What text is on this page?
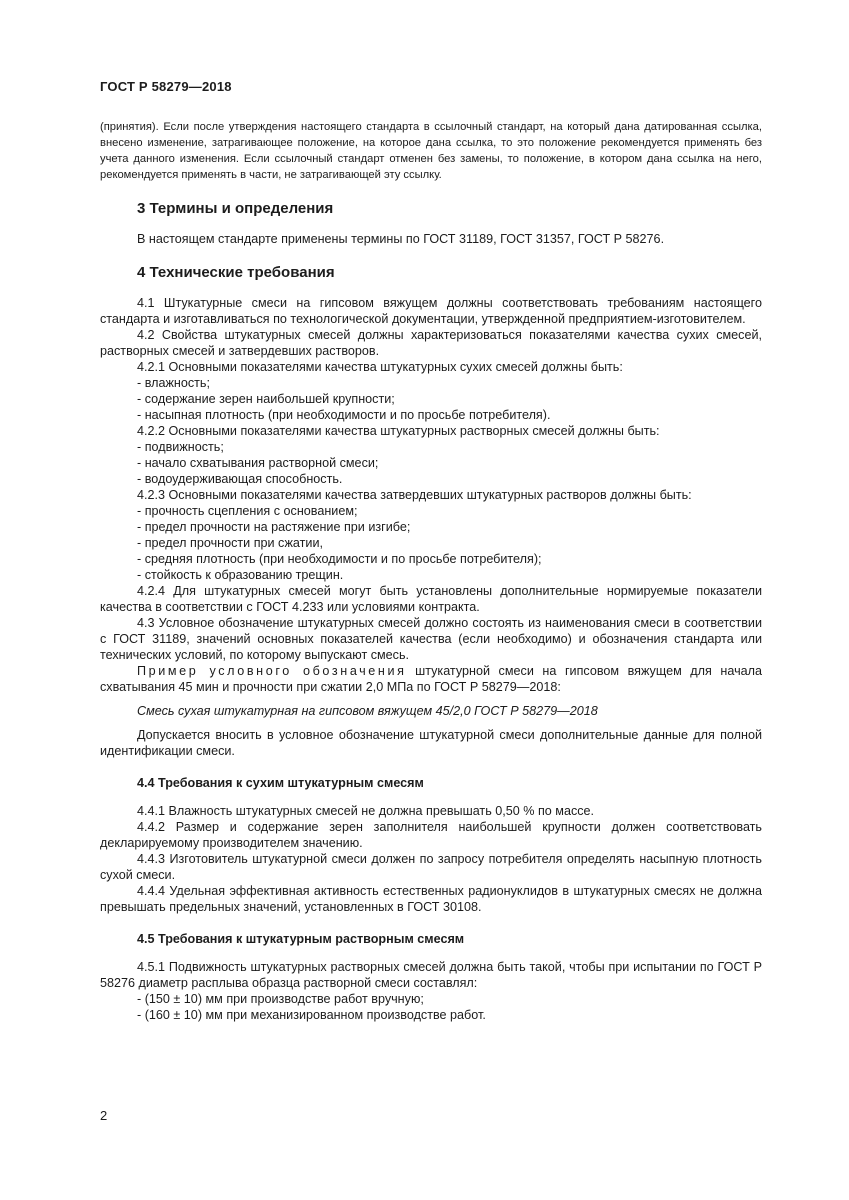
ГОСТ Р 58279—2018

(принятия). Если после утверждения настоящего стандарта в ссылочный стандарт, на который дана датированная ссылка, внесено изменение, затрагивающее положение, на которое дана ссылка, то это положение рекомендуется применять без учета данного изменения. Если ссылочный стандарт отменен без замены, то положение, в котором дана ссылка на него, рекомендуется применять в части, не затрагивающей эту ссылку.

3 Термины и определения

В настоящем стандарте применены термины по ГОСТ 31189, ГОСТ 31357, ГОСТ Р 58276.

4 Технические требования

4.1 Штукатурные смеси на гипсовом вяжущем должны соответствовать требованиям настоящего стандарта и изготавливаться по технологической документации, утвержденной предприятием-изготовителем.

4.2 Свойства штукатурных смесей должны характеризоваться показателями качества сухих смесей, растворных смесей и затвердевших растворов.

4.2.1 Основными показателями качества штукатурных сухих смесей должны быть:

- влажность;

- содержание зерен наибольшей крупности;

- насыпная плотность (при необходимости и по просьбе потребителя).

4.2.2 Основными показателями качества штукатурных растворных смесей должны быть:

- подвижность;

- начало схватывания растворной смеси;

- водоудерживающая способность.

4.2.3 Основными показателями качества затвердевших штукатурных растворов должны быть:

- прочность сцепления с основанием;

- предел прочности на растяжение при изгибе;

- предел прочности при сжатии,

- средняя плотность (при необходимости и по просьбе потребителя);

- стойкость к образованию трещин.

4.2.4 Для штукатурных смесей могут быть установлены дополнительные нормируемые показатели качества в соответствии с ГОСТ 4.233 или условиями контракта.

4.3 Условное обозначение штукатурных смесей должно состоять из наименования смеси в соответствии с ГОСТ 31189, значений основных показателей качества (если необходимо) и обозначения стандарта или технических условий, по которому выпускают смесь.

Пример условного обозначения штукатурной смеси на гипсовом вяжущем для начала схватывания 45 мин и прочности при сжатии 2,0 МПа по ГОСТ Р 58279—2018:

Смесь сухая штукатурная на гипсовом вяжущем 45/2,0 ГОСТ Р 58279—2018

Допускается вносить в условное обозначение штукатурной смеси дополнительные данные для полной идентификации смеси.

4.4 Требования к сухим штукатурным смесям

4.4.1 Влажность штукатурных смесей не должна превышать 0,50 % по массе.

4.4.2 Размер и содержание зерен заполнителя наибольшей крупности должен соответствовать декларируемому производителем значению.

4.4.3 Изготовитель штукатурной смеси должен по запросу потребителя определять насыпную плотность сухой смеси.

4.4.4 Удельная эффективная активность естественных радионуклидов в штукатурных смесях не должна превышать предельных значений, установленных в ГОСТ 30108.

4.5 Требования к штукатурным растворным смесям

4.5.1 Подвижность штукатурных растворных смесей должна быть такой, чтобы при испытании по ГОСТ Р 58276 диаметр расплыва образца растворной смеси составлял:

- (150 ± 10) мм при производстве работ вручную;

- (160 ± 10) мм при механизированном производстве работ.

2
